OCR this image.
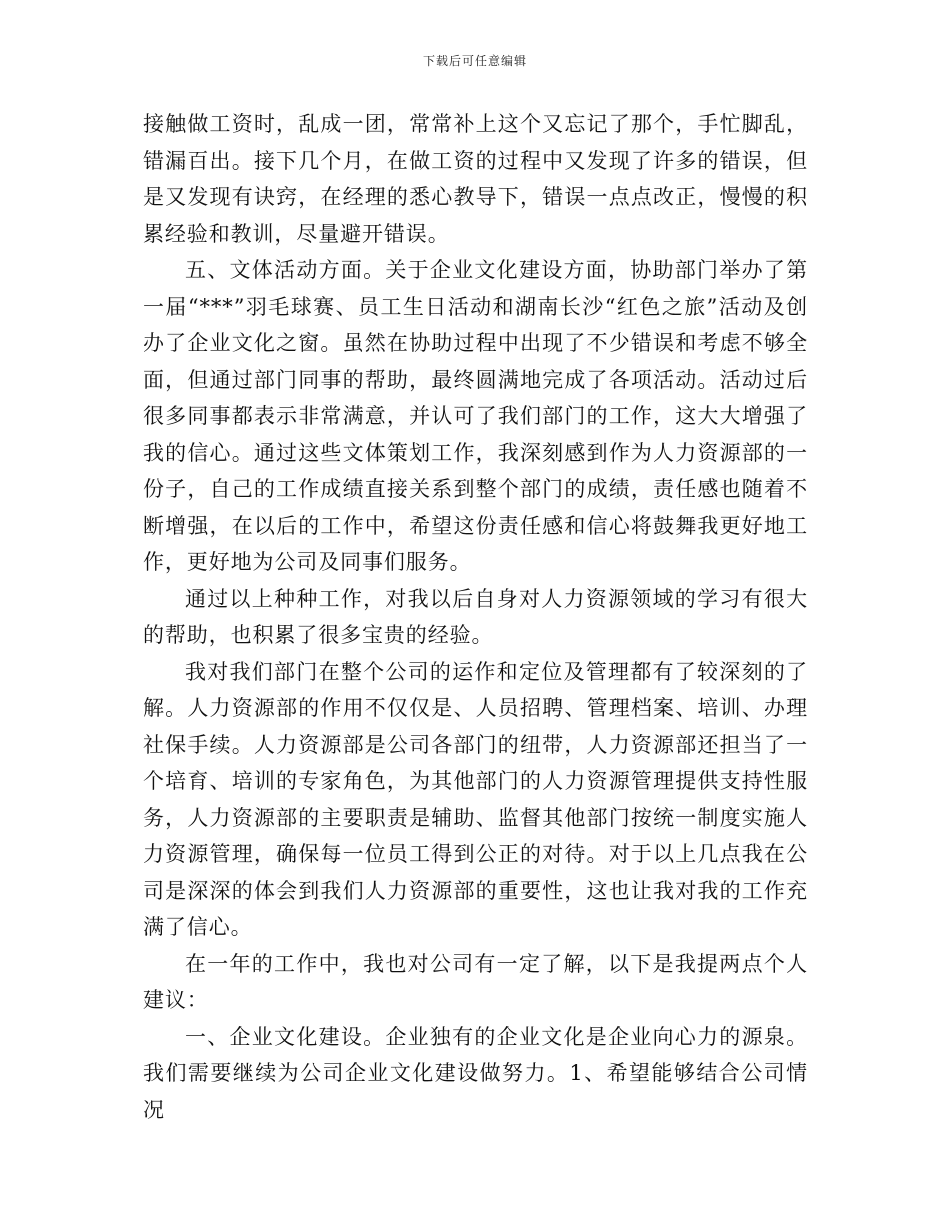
下载后可任意编辑

接触做工资时，乱成一团，常常补上这个又忘记了那个，手忙脚乱，错漏百出。接下几个月，在做工资的过程中又发现了许多的错误，但是又发现有诀窍，在经理的悉心教导下，错误一点点改正，慢慢的积累经验和教训，尽量避开错误。

五、文体活动方面。关于企业文化建设方面，协助部门举办了第一届“***”羽毛球赛、员工生日活动和湖南长沙“红色之旅”活动及创办了企业文化之窗。虽然在协助过程中出现了不少错误和考虑不够全面，但通过部门同事的帮助，最终圆满地完成了各项活动。活动过后很多同事都表示非常满意，并认可了我们部门的工作，这大大增强了我的信心。通过这些文体策划工作，我深刻感到作为人力资源部的一份子，自己的工作成绩直接关系到整个部门的成绩，责任感也随着不断增强，在以后的工作中，希望这份责任感和信心将鼓舞我更好地工作，更好地为公司及同事们服务。

通过以上种种工作，对我以后自身对人力资源领域的学习有很大的帮助，也积累了很多宝贵的经验。

我对我们部门在整个公司的运作和定位及管理都有了较深刻的了解。人力资源部的作用不仅仅是、人员招聘、管理档案、培训、办理社保手续。人力资源部是公司各部门的纽带，人力资源部还担当了一个培育、培训的专家角色，为其他部门的人力资源管理提供支持性服务，人力资源部的主要职责是辅助、监督其他部门按统一制度实施人力资源管理，确保每一位员工得到公正的对待。对于以上几点我在公司是深深的体会到我们人力资源部的重要性，这也让我对我的工作充满了信心。

在一年的工作中，我也对公司有一定了解，以下是我提两点个人建议：

一、企业文化建设。企业独有的企业文化是企业向心力的源泉。我们需要继续为公司企业文化建设做努力。1、希望能够结合公司情况
